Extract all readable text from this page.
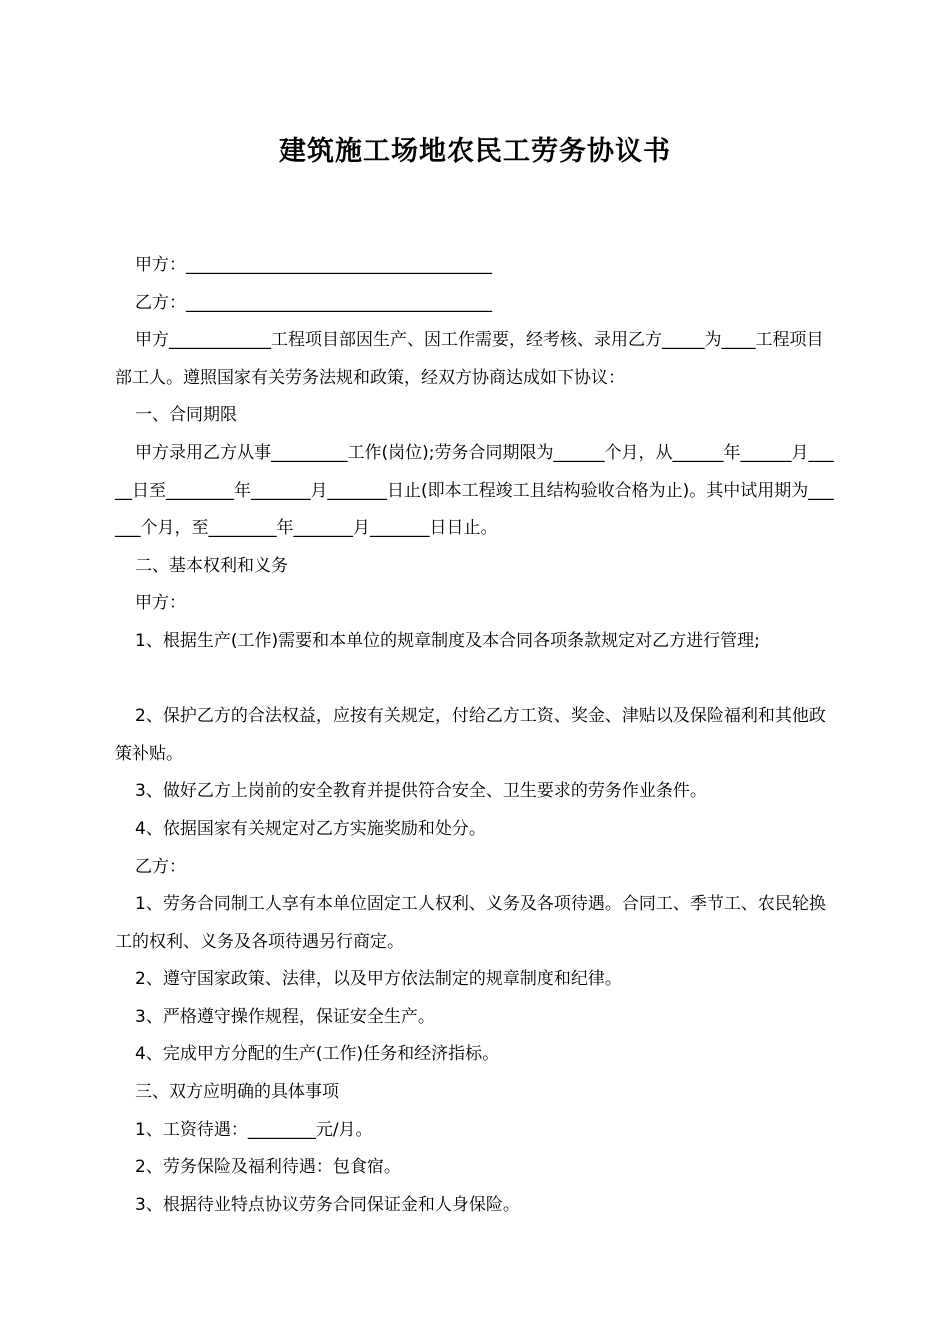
建筑施工场地农民工劳务协议书

甲方：____________________________________

乙方：____________________________________

甲方____________工程项目部因生产、因工作需要，经考核、录用乙方_____为____工程项目部工人。遵照国家有关劳务法规和政策，经双方协商达成如下协议：

一、合同期限

甲方录用乙方从事_________工作(岗位);劳务合同期限为______个月，从______年______月_____日至________年_______月_______日止(即本工程竣工且结构验收合格为止)。其中试用期为______个月，至________年_______月_______日日止。

二、基本权利和义务

甲方：

1、根据生产(工作)需要和本单位的规章制度及本合同各项条款规定对乙方进行管理;

2、保护乙方的合法权益，应按有关规定，付给乙方工资、奖金、津贴以及保险福利和其他政策补贴。

3、做好乙方上岗前的安全教育并提供符合安全、卫生要求的劳务作业条件。

4、依据国家有关规定对乙方实施奖励和处分。

乙方：

1、劳务合同制工人享有本单位固定工人权利、义务及各项待遇。合同工、季节工、农民轮换工的权利、义务及各项待遇另行商定。

2、遵守国家政策、法律，以及甲方依法制定的规章制度和纪律。

3、严格遵守操作规程，保证安全生产。

4、完成甲方分配的生产(工作)任务和经济指标。

三、双方应明确的具体事项

1、工资待遇：________元/月。

2、劳务保险及福利待遇：包食宿。

3、根据待业特点协议劳务合同保证金和人身保险。
